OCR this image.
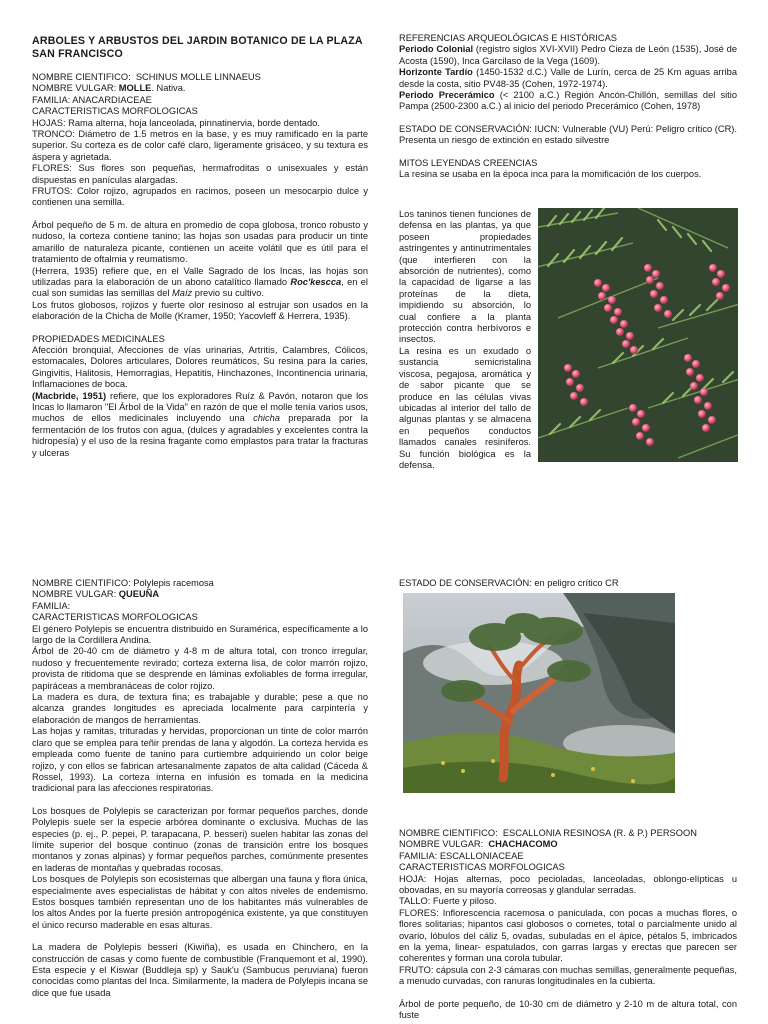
ARBOLES Y ARBUSTOS DEL JARDIN BOTANICO DE LA PLAZA SAN FRANCISCO

NOMBRE CIENTIFICO: SCHINUS MOLLE LINNAEUS

NOMBRE VULGAR: MOLLE. Nativa.

FAMILIA: ANACARDIACEAE

CARACTERISTICAS MORFOLOGICAS

HOJAS: Rama alterna, hoja lanceolada, pinnatinervia, borde dentado.

TRONCO: Diámetro de 1.5 metros en la base, y es muy ramificado en la parte superior. Su corteza es de color café claro, ligeramente grisáceo, y su textura es áspera y agrietada.

FLORES: Sus flores son pequeñas, hermafroditas o unisexuales y están dispuestas en panículas alargadas.

FRUTOS: Color rojizo, agrupados en racimos, poseen un mesocarpio dulce y contienen una semilla.

Árbol pequeño de 5 m. de altura en promedio de copa globosa, tronco robusto y nudoso, la corteza contiene tanino; las hojas son usadas para producir un tinte amarillo de naturaleza picante, contienen un aceite volátil que es útil para el tratamiento de oftalmia y reumatismo.

(Herrera, 1935) refiere que, en el Valle Sagrado de los Incas, las hojas son utilizadas para la elaboración de un abono catalítico llamado Roc'kescca, en el cual son sumidas las semillas del Maíz previo su cultivo.

Los frutos globosos, rojizos y fuerte olor resinoso al estrujar son usados en la elaboración de la Chicha de Molle (Kramer, 1950; Yacovleff & Herrera, 1935).

PROPIEDADES MEDICINALES

Afección bronquial, Afecciones de vías urinarias, Artritis, Calambres, Cólicos, estomacales, Dolores articulares, Dolores reumáticos, Su resina para la caries, Gingivitis, Halitosis, Hemorragias, Hepatitis, Hinchazones, Incontinencia urinaria, Inflamaciones de boca.

(Macbride, 1951) refiere, que los exploradores Ruíz & Pavón, notaron que los Incas lo llamaron "El Árbol de la Vida" en razón de que el molle tenía varios usos, muchos de ellos medicinales incluyendo una chicha preparada por la fermentación de los frutos con agua, (dulces y agradables y excelentes contra la hidropesía) y el uso de la resina fragante como emplastos para tratar la fracturas y ulceras

REFERENCIAS ARQUEOLÓGICAS E HISTÓRICAS

Periodo Colonial (registro siglos XVI-XVII) Pedro Cieza de León (1535), José de Acosta (1590), Inca Garcilaso de la Vega (1609).

Horizonte Tardío (1450-1532 d.C.) Valle de Lurín, cerca de 25 Km aguas arriba desde la costa, sitio PV48-35 (Cohen, 1972-1974).

Periodo Precerámico (< 2100 a.C.) Región Ancón-Chillón, semillas del sitio Pampa (2500-2300 a.C.) al inicio del periodo Precerámico (Cohen, 1978)

ESTADO DE CONSERVACIÓN: IUCN: Vulnerable (VU) Perú: Peligro crítico (CR). Presenta un riesgo de extinción en estado silvestre

MITOS LEYENDAS CREENCIAS

La resina se usaba en la época inca para la momificación de los cuerpos.

Los taninos tienen funciones de defensa en las plantas, ya que poseen propiedades astringentes y antinutrimentales (que interfieren con la absorción de nutrientes), como la capacidad de ligarse a las proteínas de la dieta, impidiendo su absorción, lo cual confiere a la planta protección contra herbívoros e insectos.

La resina es un exudado o sustancia semicristalina viscosa, pegajosa, aromática y de sabor picante que se produce en las células vivas ubicadas al interior del tallo de algunas plantas y se almacena en pequeños conductos llamados canales resiníferos. Su función biológica es la defensa.

NOMBRE CIENTIFICO: Polylepis racemosa

NOMBRE VULGAR: QUEUÑA

FAMILIA:

CARACTERISTICAS MORFOLOGICAS

El género Polylepis se encuentra distribuido en Suramérica, específicamente a lo largo de la Cordillera Andina.

Árbol de 20-40 cm de diámetro y 4-8 m de altura total, con tronco irregular, nudoso y frecuentemente revirado; corteza externa lisa, de color marrón rojizo, provista de ritidoma que se desprende en láminas exfoliables de forma irregular, papiráceas a membranáceas de color rojizo.

La madera es dura, de textura fina; es trabajable y durable; pese a que no alcanza grandes longitudes es apreciada localmente para carpintería y elaboración de mangos de herramientas.

Las hojas y ramitas, trituradas y hervidas, proporcionan un tinte de color marrón claro que se emplea para teñir prendas de lana y algodón. La corteza hervida es empleada como fuente de tanino para curtiembre adquiriendo un color beige rojizo, y con ellos se fabrican artesanalmente zapatos de alta calidad (Cáceda & Rossel, 1993). La corteza interna en infusión es tomada en la medicina tradicional para las afecciones respiratorias.

Los bosques de Polylepis se caracterizan por formar pequeños parches, donde Polylepis suele ser la especie arbórea dominante o exclusiva. Muchas de las especies (p. ej., P. pepei, P. tarapacana, P. besseri) suelen habitar las zonas del límite superior del bosque continuo (zonas de transición entre los bosques montanos y zonas alpinas) y formar pequeños parches, comúnmente presentes en laderas de montañas y quebradas rocosas.

Los bosques de Polylepis son ecosistemas que albergan una fauna y flora única, especialmente aves especialistas de hábitat y con altos niveles de endemismo. Estos bosques también representan uno de los habitantes más vulnerables de los altos Andes por la fuerte presión antropogénica existente, ya que constituyen el único recurso maderable en esas alturas.

La madera de Polylepis besseri (Kiwiña), es usada en Chinchero, en la construcción de casas y como fuente de combustible (Franquemont et al, 1990). Esta especie y el Kiswar (Buddleja sp) y Sauk'u (Sambucus peruviana) fueron conocidas como plantas del Inca. Similarmente, la madera de Polylepis incana se dice que fue usada

ESTADO DE CONSERVACIÓN: en peligro crítico CR

NOMBRE CIENTIFICO: ESCALLONIA RESINOSA (R. & P.) PERSOON

NOMBRE VULGAR: CHACHACOMO

FAMILIA: ESCALLONIACEAE

CARACTERISTICAS MORFOLOGICAS

HOJA: Hojas alternas, poco pecioladas, lanceoladas, oblongo-elípticas u obovadas, en su mayoría correosas y glandular serradas.

TALLO: Fuerte y piloso.

FLORES: Inflorescencia racemosa o paniculada, con pocas a muchas flores, o flores solitarias; hipantos casi globosos o cornetes, total o parcialmente unido al ovario, lóbulos del cáliz 5, ovadas, subuladas en el ápice, pétalos 5, imbricados en la yema, linear- espatulados, con garras largas y erectas que parecen ser coherentes y forman una corola tubular.

FRUTO: cápsula con 2-3 cámaras con muchas semillas, generalmente pequeñas, a menudo curvadas, con ranuras longitudinales en la cubierta.

Árbol de porte pequeño, de 10-30 cm de diámetro y 2-10 m de altura total, con fuste
